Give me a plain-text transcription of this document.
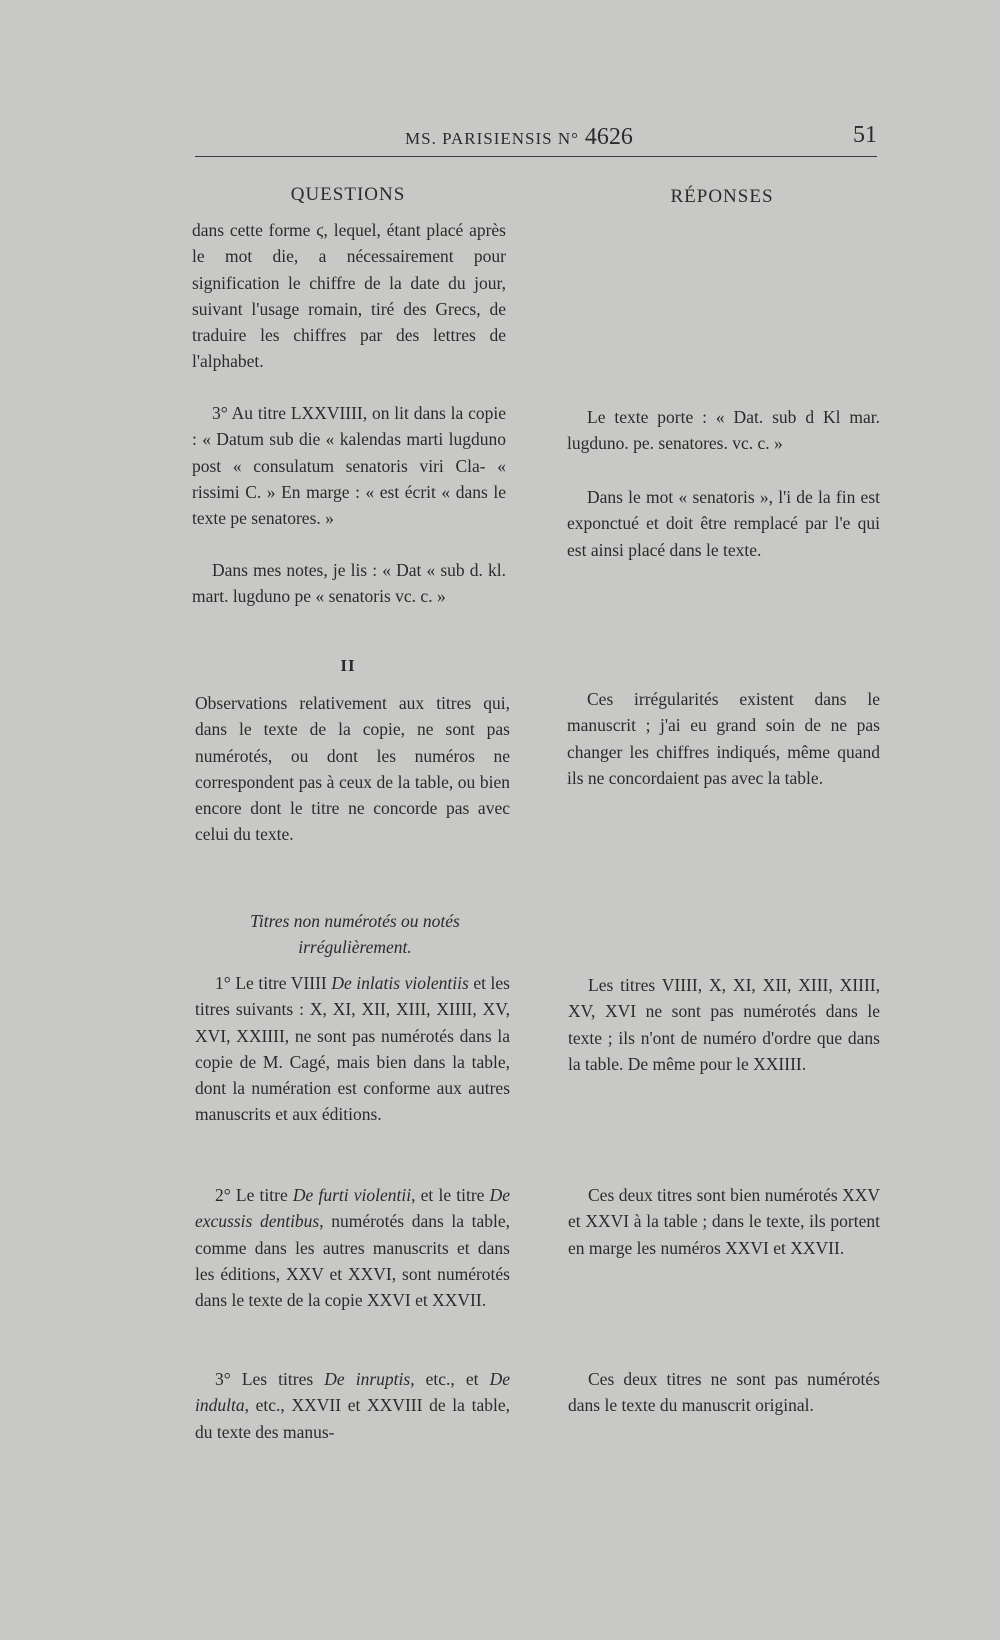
MS. PARISIENSIS N° 4626	51
QUESTIONS	RÉPONSES
dans cette forme ϛ, lequel, étant placé après le mot die, a nécessairement pour signification le chiffre de la date du jour, suivant l'usage romain, tiré des Grecs, de traduire les chiffres par des lettres de l'alphabet.
3° Au titre LXXVIIII, on lit dans la copie : « Datum sub die « kalendas marti lugduno post « consulatum senatoris viri Cla- « rissimi C. » En marge : « est écrit « dans le texte pe senatores. »
Dans mes notes, je lis : « Dat « sub d. kl. mart. lugduno pe « senatoris vc. c. »
II
Observations relativement aux titres qui, dans le texte de la copie, ne sont pas numérotés, ou dont les numéros ne correspondent pas à ceux de la table, ou bien encore dont le titre ne concorde pas avec celui du texte.
Titres non numérotés ou notés irrégulièrement.
1° Le titre VIIII De inlatis violentiis et les titres suivants : X, XI, XII, XIII, XIIII, XV, XVI, XXIIII, ne sont pas numérotés dans la copie de M. Cagé, mais bien dans la table, dont la numération est conforme aux autres manuscrits et aux éditions.
2° Le titre De furti violentii, et le titre De excussis dentibus, numérotés dans la table, comme dans les autres manuscrits et dans les éditions, XXV et XXVI, sont numérotés dans le texte de la copie XXVI et XXVII.
3° Les titres De inruptis, etc., et De indulta, etc., XXVII et XXVIII de la table, du texte des manus-
Le texte porte : « Dat. sub d Kl mar. lugduno. pe. senatores. vc. c. »
Dans le mot « senatoris », l'i de la fin est exponctué et doit être remplacé par l'e qui est ainsi placé dans le texte.
Ces irrégularités existent dans le manuscrit ; j'ai eu grand soin de ne pas changer les chiffres indiqués, même quand ils ne concordaient pas avec la table.
Les titres VIIII, X, XI, XII, XIII, XIIII, XV, XVI ne sont pas numérotés dans le texte ; ils n'ont de numéro d'ordre que dans la table. De même pour le XXIIII.
Ces deux titres sont bien numérotés XXV et XXVI à la table ; dans le texte, ils portent en marge les numéros XXVI et XXVII.
Ces deux titres ne sont pas numérotés dans le texte du manuscrit original.
